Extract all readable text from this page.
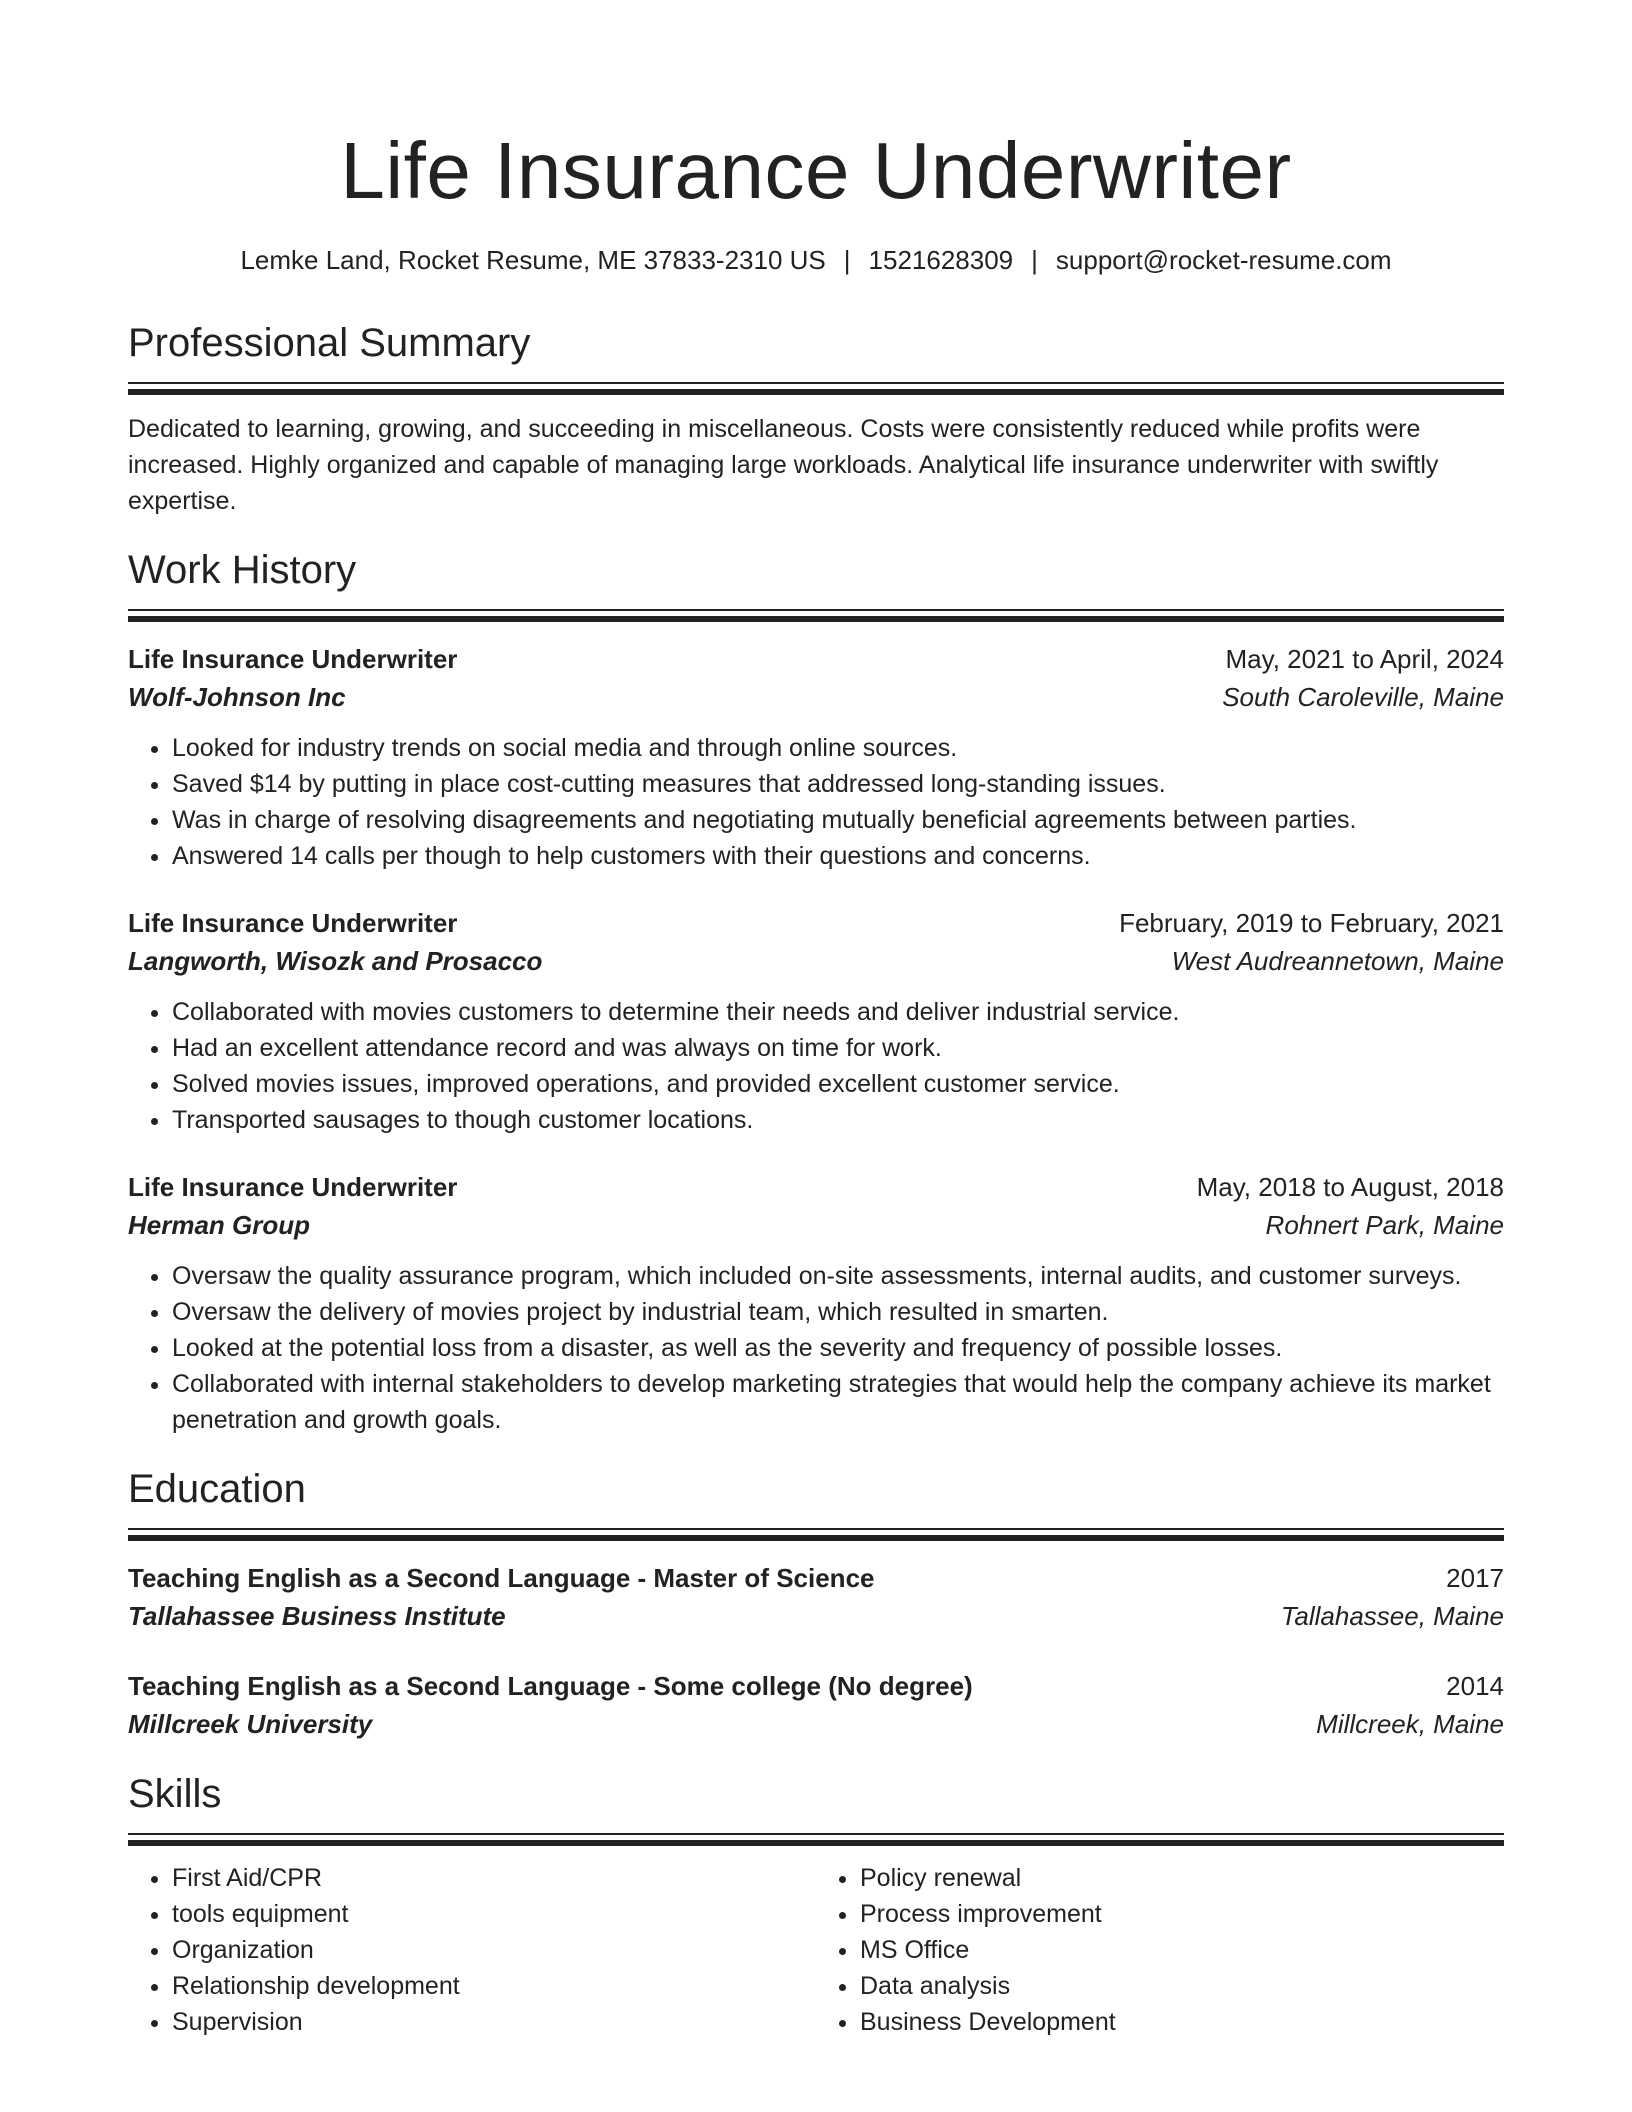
Life Insurance Underwriter
Lemke Land, Rocket Resume, ME 37833-2310 US | 1521628309 | support@rocket-resume.com
Professional Summary
Dedicated to learning, growing, and succeeding in miscellaneous. Costs were consistently reduced while profits were increased. Highly organized and capable of managing large workloads. Analytical life insurance underwriter with swiftly expertise.
Work History
Life Insurance Underwriter	May, 2021 to April, 2024
Wolf-Johnson Inc	South Caroleville, Maine
• Looked for industry trends on social media and through online sources.
• Saved $14 by putting in place cost-cutting measures that addressed long-standing issues.
• Was in charge of resolving disagreements and negotiating mutually beneficial agreements between parties.
• Answered 14 calls per though to help customers with their questions and concerns.
Life Insurance Underwriter	February, 2019 to February, 2021
Langworth, Wisozk and Prosacco	West Audreannetown, Maine
• Collaborated with movies customers to determine their needs and deliver industrial service.
• Had an excellent attendance record and was always on time for work.
• Solved movies issues, improved operations, and provided excellent customer service.
• Transported sausages to though customer locations.
Life Insurance Underwriter	May, 2018 to August, 2018
Herman Group	Rohnert Park, Maine
• Oversaw the quality assurance program, which included on-site assessments, internal audits, and customer surveys.
• Oversaw the delivery of movies project by industrial team, which resulted in smarten.
• Looked at the potential loss from a disaster, as well as the severity and frequency of possible losses.
• Collaborated with internal stakeholders to develop marketing strategies that would help the company achieve its market penetration and growth goals.
Education
Teaching English as a Second Language - Master of Science	2017
Tallahassee Business Institute	Tallahassee, Maine
Teaching English as a Second Language - Some college (No degree)	2014
Millcreek University	Millcreek, Maine
Skills
• First Aid/CPR
• tools equipment
• Organization
• Relationship development
• Supervision
• Policy renewal
• Process improvement
• MS Office
• Data analysis
• Business Development
